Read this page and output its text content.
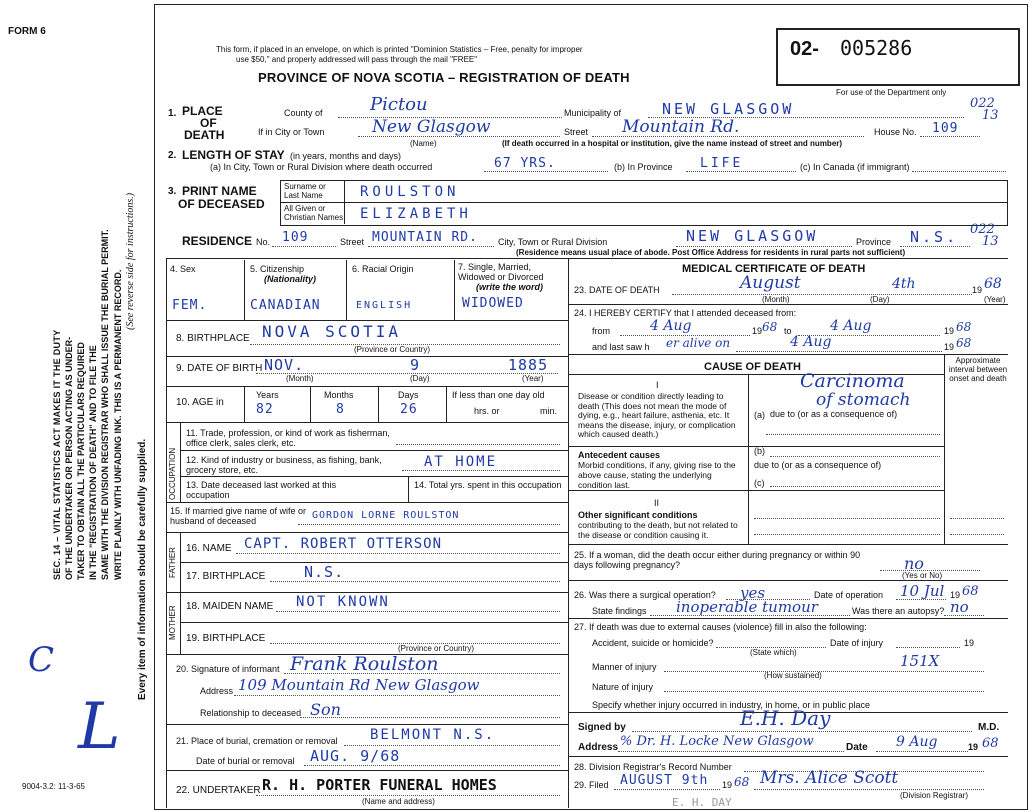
FORM 6
SEC. 14 – VITAL STATISTICS ACT MAKES IT THE DUTY OF THE UNDERTAKER OR PERSON ACTING AS UNDER- TAKER TO OBTAIN ALL THE PARTICULARS REQUIRED IN THE "REGISTRATION OF DEATH" AND TO FILE THE SAME WITH THE DIVISION REGISTRAR WHO SHALL ISSUE THE BURIAL PERMIT. WRITE PLAINLY WITH UNFADING INK. THIS IS A PERMANENT RECORD.
(See reverse side for instructions.)
Every item of information should be carefully supplied.
C
L
9004-3.2: 11-3-65
This form, if placed in an envelope, on which is printed "Dominion Statistics – Free, penalty for improper
use $50," and properly addressed will pass through the mail "FREE"
PROVINCE OF NOVA SCOTIA – REGISTRATION OF DEATH
02- 005286
For use of the Department only
022
13
1. PLACE
OF
DEATH
County of	Pictou	Municipality of	NEW GLASGOW
If in City or Town	New Glasgow
(Name)
Street Mountain Rd.	House No. 109
(If death occurred in a hospital or institution, give the name instead of street and number)
2. LENGTH OF STAY (in years, months and days)
(a) In City, Town or Rural Division where death occurred	67 YRS.	(b) In Province LIFE	(c) In Canada (if immigrant)
3. PRINT NAME
OF DECEASED
Surname or Last Name	ROULSTON
All Given or Christian Names ELIZABETH
RESIDENCE No. 109	Street MOUNTAIN RD. City, Town or Rural Division	NEW GLASGOW	Province N.S. 022
13
(Residence means usual place of abode. Post Office Address for residents in rural parts not sufficient)
4. Sex	5. Citizenship
(Nationality)
6. Racial Origin	7. Single, Married, Widowed or Divorced
(write the word)
FEM.	CANADIAN	ENGLISH	WIDOWED
8. BIRTHPLACE NOVA SCOTIA
(Province or Country)
9. DATE OF BIRTH NOV.	9	1885
(Month)	(Day)	(Year)
10. AGE in
Years	Months	Days
82	8	26
If less than one day old
hrs. or	min.
OCCUPATION
11. Trade, profession, or kind of work as fisherman, office clerk, sales clerk, etc.
12. Kind of industry or business, as fishing, bank, grocery store, etc.	AT HOME
13. Date deceased last worked at this occupation
14. Total yrs. spent in this occupation
15. If married give name of wife or husband of deceased	GORDON LORNE ROULSTON
FATHER 16. NAME CAPT. ROBERT OTTERSON
17. BIRTHPLACE	N.S.
MOTHER 18. MAIDEN NAME NOT KNOWN
19. BIRTHPLACE
(Province or Country)
20. Signature of informant Frank Roulston
Address 109 Mountain Rd New Glasgow
Relationship to deceased Son
21. Place of burial, cremation or removal BELMONT N.S.
Date of burial or removal AUG. 9/68
22. UNDERTAKER R. H. PORTER FUNERAL HOMES
(Name and address)
MEDICAL CERTIFICATE OF DEATH
23. DATE OF DEATH	August	4th	19 68
(Month)	(Day)	(Year)
24. I HEREBY CERTIFY that I attended deceased from:
from	4 Aug	19 68 to	4 Aug	19 68
and last saw h er alive on	4 Aug	19 68
CAUSE OF DEATH
Approximate interval between onset and death
I
Disease or condition directly leading to death (This does not mean the mode of dying, e.g., heart failure, asthenia, etc. It means the disease, injury, or complication which caused death.)
Carcinoma
(a) due to (or as a consequence of)
of stomach
Antecedent causes
Morbid conditions, if any, giving rise to the above cause, stating the underlying condition last.
(b)
due to (or as a consequence of)
(c)
II
Other significant conditions
contributing to the death, but not related to the disease or condition causing it.
25. If a woman, did the death occur either during pregnancy or within 90 days following pregnancy?	no
(Yes or No)
26. Was there a surgical operation? yes	Date of operation 10 Jul 19 68
State findings inoperable tumour	Was there an autopsy? no
27. If death was due to external causes (violence) fill in also the following:
Accident, suicide or homicide?
(State which)
Date of injury	19
Manner of injury	151X
(How sustained)
Nature of injury
Specify whether injury occurred in industry, in home, or in public place
Signed by	E.H. Day	M.D.
Address % Dr. H. Locke New Glasgow	Date 9 Aug	19 68
28. Division Registrar's Record Number
29. Filed AUGUST 9th 19 68 Mrs. Alice Scott
(Division Registrar)
E. H. DAY
